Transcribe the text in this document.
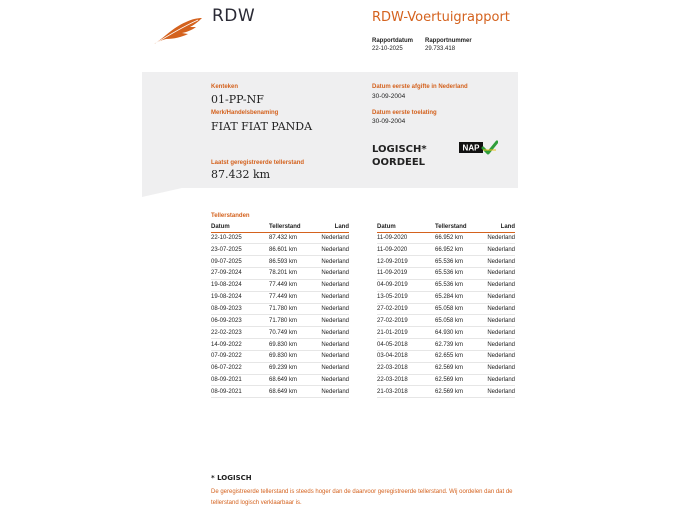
RDW	RDW-Voertuigrapport
Rapportdatum
22-10-2025
Rapportnummer
29.733.418
Kenteken
01-PP-NF
Merk/Handelsbenaming
FIAT FIAT PANDA
Laatst geregistreerde tellerstand
87.432 km
Datum eerste afgifte in Nederland
30-09-2004
Datum eerste toelating
30-09-2004
LOGISCH*
OORDEEL
NAP
Tellerstanden
Datum	Tellerstand	Land
22-10-2025	87.432 km	Nederland
23-07-2025	86.601 km	Nederland
09-07-2025	86.593 km	Nederland
27-09-2024	78.201 km	Nederland
19-08-2024	77.449 km	Nederland
19-08-2024	77.449 km	Nederland
08-09-2023	71.780 km	Nederland
06-09-2023	71.780 km	Nederland
22-02-2023	70.749 km	Nederland
14-09-2022	69.830 km	Nederland
07-09-2022	69.830 km	Nederland
06-07-2022	69.239 km	Nederland
08-09-2021	68.649 km	Nederland
08-09-2021	68.649 km	Nederland
Datum	Tellerstand	Land
11-09-2020	66.952 km	Nederland
11-09-2020	66.952 km	Nederland
12-09-2019	65.536 km	Nederland
11-09-2019	65.536 km	Nederland
04-09-2019	65.536 km	Nederland
13-05-2019	65.284 km	Nederland
27-02-2019	65.058 km	Nederland
27-02-2019	65.058 km	Nederland
21-01-2019	64.930 km	Nederland
04-05-2018	62.739 km	Nederland
03-04-2018	62.655 km	Nederland
22-03-2018	62.569 km	Nederland
22-03-2018	62.569 km	Nederland
21-03-2018	62.569 km	Nederland
* LOGISCH
De geregistreerde tellerstand is steeds hoger dan de daarvoor geregistreerde tellerstand. Wij oordelen dan dat de tellerstand logisch verklaarbaar is.
